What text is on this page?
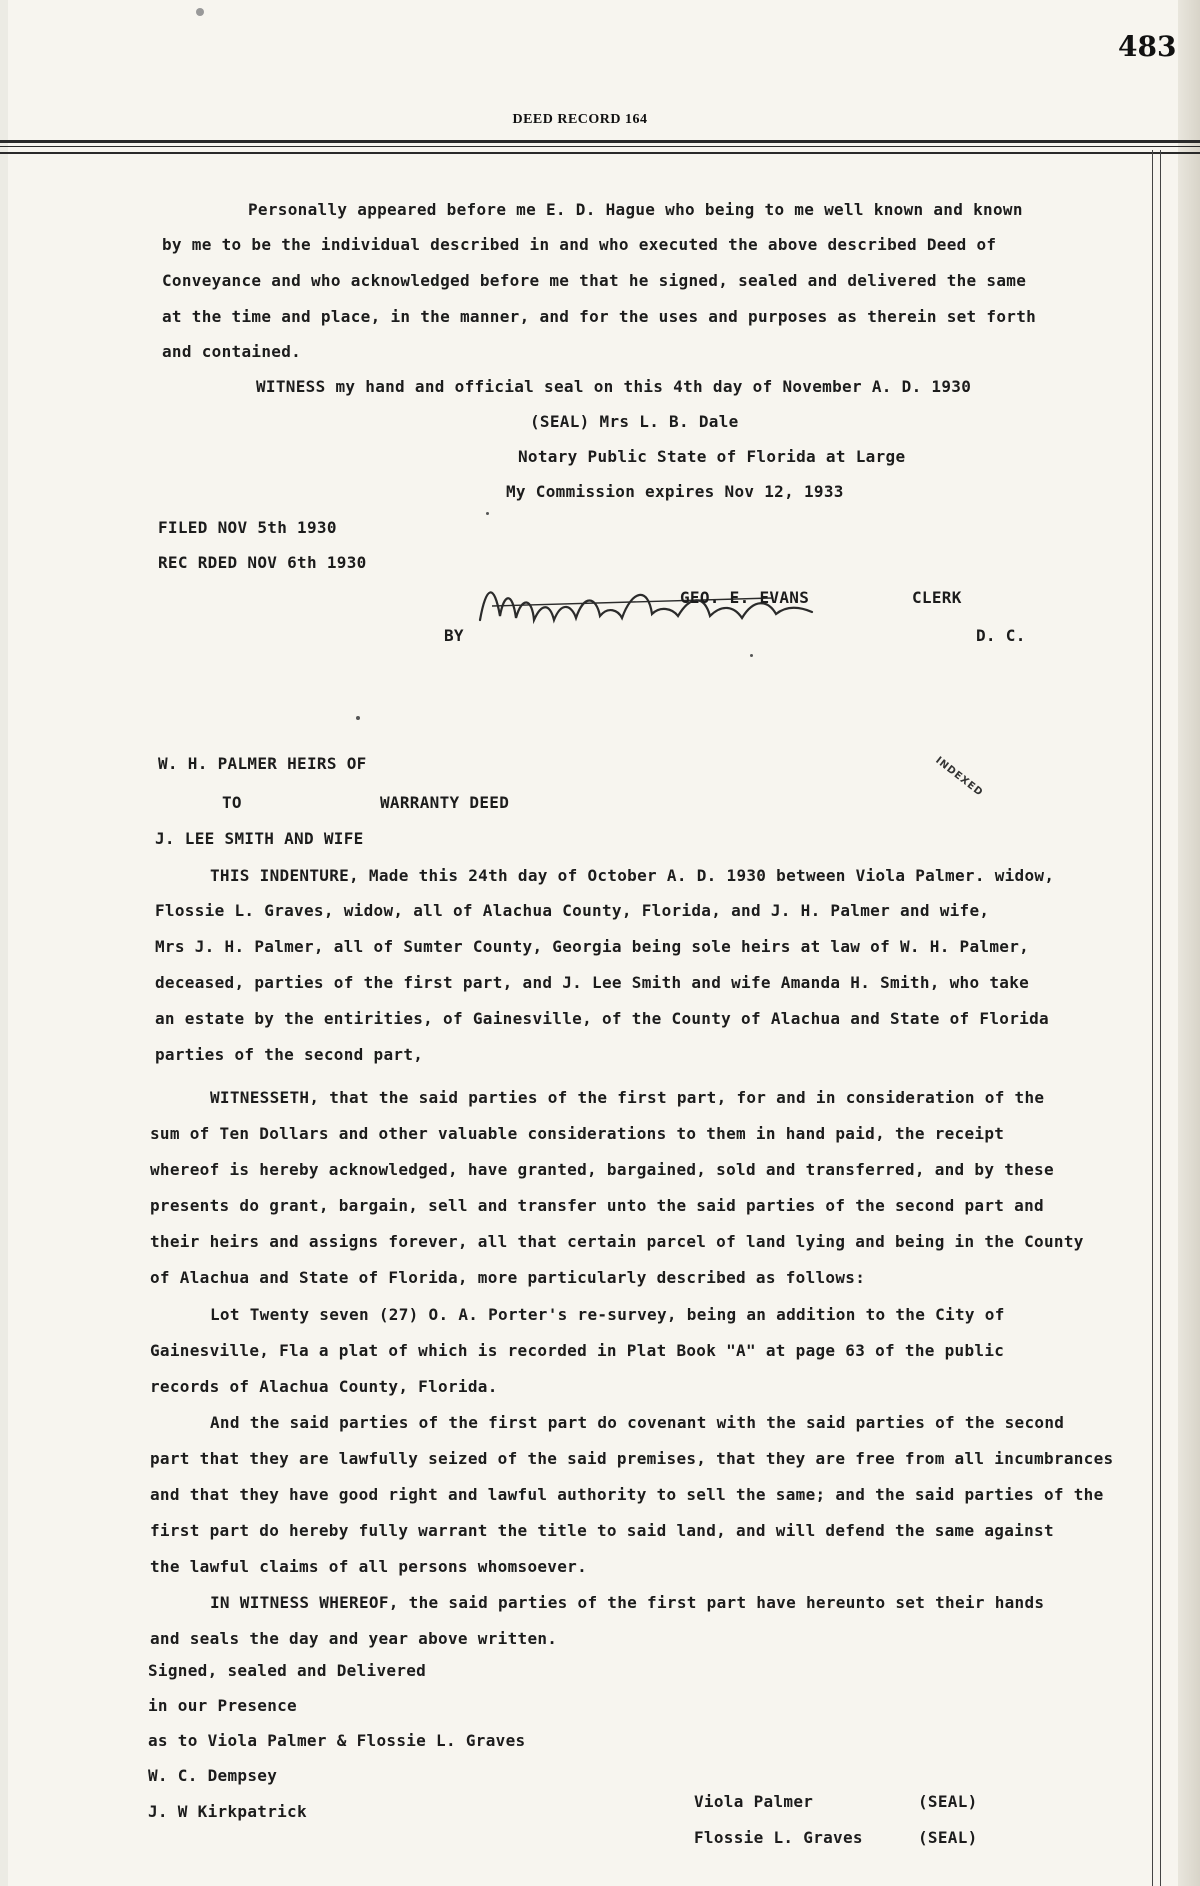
483
DEED RECORD 164
Personally appeared before me E. D. Hague who being to me well known and known
by me to be the individual described in and who executed the above described Deed of
Conveyance and who acknowledged before me that he signed, sealed and delivered the same
at the time and place, in the manner, and for the uses and purposes as therein set forth
and contained.
WITNESS my hand and official seal on this 4th day of November A. D. 1930
(SEAL) Mrs L. B. Dale
Notary Public State of Florida at Large
My Commission expires Nov 12, 1933
FILED NOV 5th 1930
REC RDED NOV 6th 1930
GEO. E. EVANS	CLERK
BY	D. C.
W. H. PALMER HEIRS OF	INDEXED
TO	WARRANTY DEED
J. LEE SMITH AND WIFE
THIS INDENTURE, Made this 24th day of October A. D. 1930 between Viola Palmer. widow,
Flossie L. Graves, widow, all of Alachua County, Florida, and J. H. Palmer and wife,
Mrs J. H. Palmer, all of Sumter County, Georgia being sole heirs at law of W. H. Palmer,
deceased, parties of the first part, and J. Lee Smith and wife Amanda H. Smith, who take
an estate by the entirities, of Gainesville, of the County of Alachua and State of Florida
parties of the second part,
WITNESSETH, that the said parties of the first part, for and in consideration of the
sum of Ten Dollars and other valuable considerations to them in hand paid, the receipt
whereof is hereby acknowledged, have granted, bargained, sold and transferred, and by these
presents do grant, bargain, sell and transfer unto the said parties of the second part and
their heirs and assigns forever, all that certain parcel of land lying and being in the County
of Alachua and State of Florida, more particularly described as follows:
Lot Twenty seven (27) O. A. Porter's re-survey, being an addition to the City of
Gainesville, Fla a plat of which is recorded in Plat Book "A" at page 63 of the public
records of Alachua County, Florida.
And the said parties of the first part do covenant with the said parties of the second
part that they are lawfully seized of the said premises, that they are free from all incumbrances
and that they have good right and lawful authority to sell the same; and the said parties of the
first part do hereby fully warrant the title to said land, and will defend the same against
the lawful claims of all persons whomsoever.
IN WITNESS WHEREOF, the said parties of the first part have hereunto set their hands
and seals the day and year above written.
Signed, sealed and Delivered
in our Presence
as to Viola Palmer & Flossie L. Graves
W. C. Dempsey
J. W Kirkpatrick
Viola Palmer	(SEAL)
Flossie L. Graves	(SEAL)
